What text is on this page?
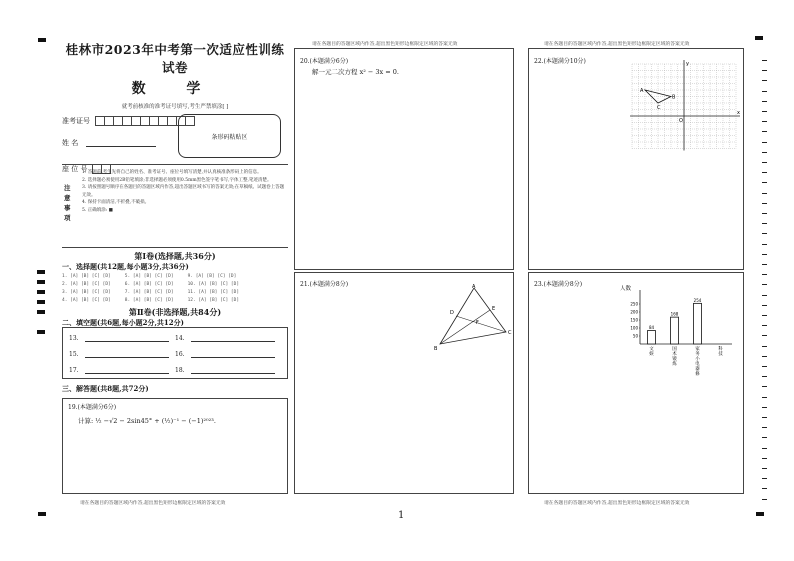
请在各题目的答题区域内作答,超出黑色矩形边框限定区域的答案无效	请在各题目的答题区域内作答,超出黑色矩形边框限定区域的答案无效
请在各题目的答题区域内作答,超出黑色矩形边框限定区域的答案无效	请在各题目的答题区域内作答,超出黑色矩形边框限定区域的答案无效
桂林市2023年中考第一次适应性训练试卷
数 学
就考前核准的准考证号填写,考生严禁填涂[ ]
准考证号
姓 名
座 位 号
条形码粘贴区
注意事项
1. 答题前,考生先将自己的姓名、准考证号、座位号填写清楚,并认真核准条形码上的信息。
2. 选择题必须使用2B铅笔填涂;非选择题必须使用0.5mm黑色签字笔书写,字体工整,笔迹清楚。
3. 请按照题号顺序在各题目的答题区域内作答,超出答题区域书写的答案无效;在草稿纸、试题卷上答题无效。
4. 保持卡面清洁,不折叠,不破损。
5. 正确填涂: ■
第Ⅰ卷(选择题,共36分)
一、选择题(共12题,每小题3分,共36分)
1. [A] [B] [C] [D]	5. [A] [B] [C] [D]	9. [A] [B] [C] [D]
2. [A] [B] [C] [D]	6. [A] [B] [C] [D]	10. [A] [B] [C] [D]
3. [A] [B] [C] [D]	7. [A] [B] [C] [D]	11. [A] [B] [C] [D]
4. [A] [B] [C] [D]	8. [A] [B] [C] [D]	12. [A] [B] [C] [D]
第Ⅱ卷(非选择题,共84分)
二、填空题(共6题,每小题2分,共12分)
13.	14.
15.	16.
17.	18.
三、解答题(共8题,共72分)
19.(本题满分6分)
计算: ½ −√2 − 2sin45° + (½)⁻¹ − (−1)²⁰²³.
20.(本题满分6分)
解一元二次方程 x² − 3x = 0.
21.(本题满分8分)	A
B
C
D
E
F
22.(本题满分10分)
x
y
O
A
B
C
23.(本题满分8分)
人数
250
200
150
100
50
84
文
娱
168
国
术
锻
炼
254
家
务
小
电
器
修
科
技
1
